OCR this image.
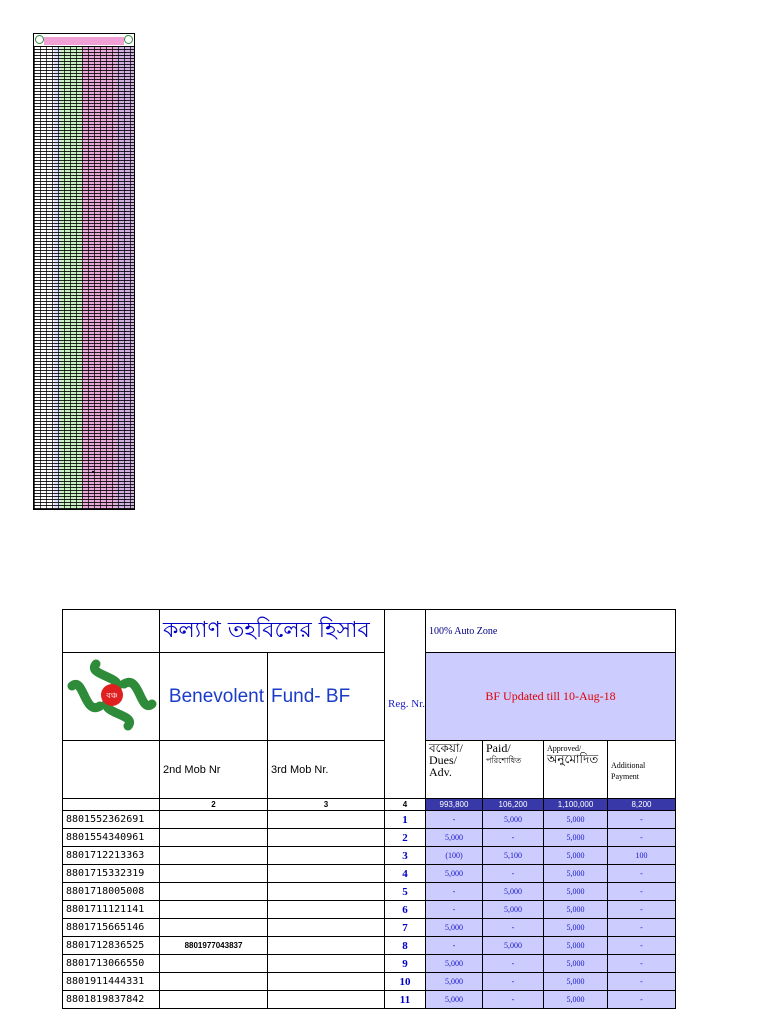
	কল্যাণ তহবিলের হিসাব		Reg. Nr.	100% Auto Zone			

বঞ্চ	Benevolent	Fund- BF		BF Updated till 10-Aug-18			
	2nd Mob Nr	3rd Mob Nr.		বকেয়া/
Dues/ Adv.	Paid/
পরিশোধিত	Approved/
অনুমোদিত	Additional Payment
	2	3	4	993,800	106,200	1,100,000	8,200
8801552362691			1	-	5,000	5,000	-
8801554340961			2	5,000	-	5,000	-
8801712213363			3	(100)	5,100	5,000	100
8801715332319			4	5,000	-	5,000	-
8801718005008			5	-	5,000	5,000	-
8801711121141			6	-	5,000	5,000	-
8801715665146			7	5,000	-	5,000	-
8801712836525	8801977043837		8	-	5,000	5,000	-
8801713066550			9	5,000	-	5,000	-
8801911444331			10	5,000	-	5,000	-
8801819837842			11	5,000	-	5,000	-
